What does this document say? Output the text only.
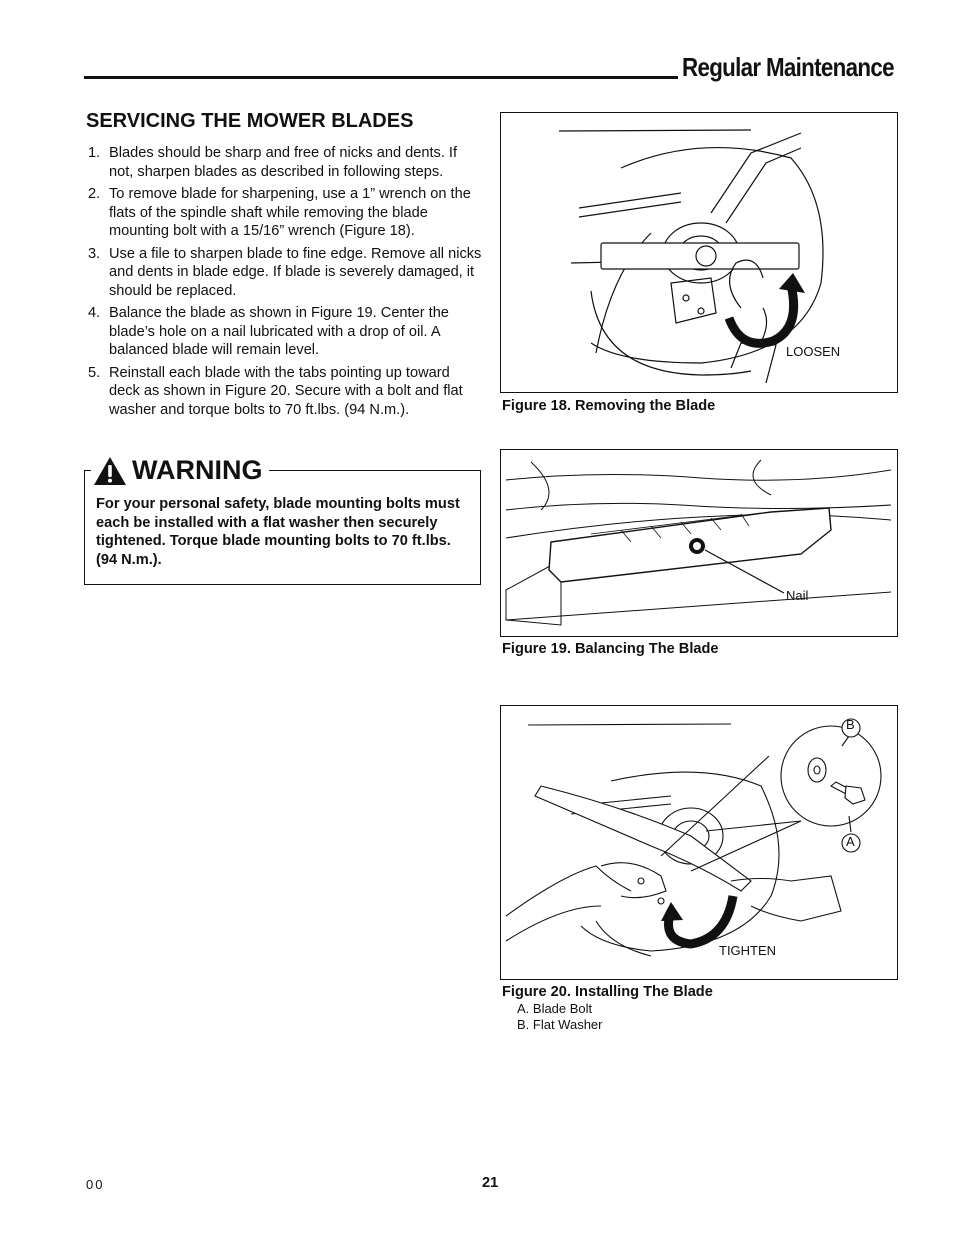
Regular Maintenance
SERVICING THE MOWER BLADES
1. Blades should be sharp and free of nicks and dents. If not, sharpen blades as described in following steps.
2. To remove blade for sharpening, use a 1” wrench on the flats of the spindle shaft while removing the blade mounting bolt with a 15/16” wrench (Figure 18).
3. Use a file to sharpen blade to fine edge. Remove all nicks and dents in blade edge. If blade is severely damaged, it should be replaced.
4. Balance the blade as shown in Figure 19. Center the blade’s hole on a nail lubricated with a drop of oil. A balanced blade will remain level.
5. Reinstall each blade with the tabs pointing up toward deck as shown in Figure 20. Secure with a bolt and flat washer and torque bolts to 70 ft.lbs. (94 N.m.).
WARNING
For your personal safety, blade mounting bolts must each be installed with a flat washer then securely tightened. Torque blade mounting bolts to 70 ft.lbs. (94 N.m.).
LOOSEN
Figure 18. Removing the Blade
Nail
Figure 19. Balancing The Blade
B
A
TIGHTEN
Figure 20. Installing The Blade
A. Blade Bolt
B. Flat Washer
00	21
